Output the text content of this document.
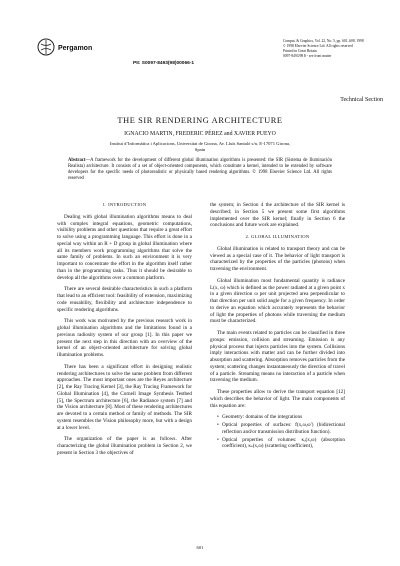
Pergamon
Comput. & Graphics, Vol. 22, No. 5, pp. 601–608, 1998
© 1998 Elsevier Science Ltd. All rights reserved
Printed in Great Britain
0097-8493/98 $ - see front matter
PII: S0097-8493(98)00066-1
Technical Section
THE SIR RENDERING ARCHITECTURE
IGNACIO MARTIN, FREDERIC PÉREZ and XAVIER PUEYO
Institut d’Informàtica i Aplicacions, Universitat de Girona, Av. Lluís Santaló s/n, E-17071 Girona,
Spain
Abstract—A framework for the development of different global illumination algorithms is presented: the SIR (Sistema de Iluminación Realista) architecture. It consists of a set of object-oriented components, which constitute a kernel, intended to be extended by software developers for the specific needs of photorealistic or physically based rendering algorithms. © 1998 Elsevier Science Ltd. All rights reserved
1. INTRODUCTION

Dealing with global illumination algorithms means to deal with complex integral equations, geometric computations, visibility problems and other questions that require a great effort to solve using a programming language. This effort is done in a special way within an R + D group in global illumination where all its members work programming algorithms that solve the same family of problems. In such an environment it is very important to concentrate the effort in the algorithm itself rather than in the programming tasks. Thus it should be desirable to develop all the algorithms over a common platform.

There are several desirable characteristics in such a platform that lead to an efficient tool: feasibility of extension, maximizing code reusability, flexibility and architecture independence to specific rendering algorithms.

This work was motivated by the previous research work in global illumination algorithms and the limitations found in a previous radiosity system of our group [1]. In this paper we present the next step in this direction with an overview of the kernel of an object-oriented architecture for solving global illumination problems.

There has been a significant effort in designing realistic rendering architectures to solve the same problem from different approaches. The most important ones are the Reyes architecture [2], the Ray Tracing Kernel [3], the Ray Tracing Framework for Global Illumination [4], the Cornell Image Synthesis Testbed [5], the Spectrum architecture [6], the Radiance system [7] and the Vision architecture [8]. Most of these rendering architectures are devoted to a certain method or family of methods. The SIR system resembles the Vision philosophy more, but with a design at a lower level.

The organization of the paper is as follows. After characterizing the global illumination problem in Section 2, we present in Section 3 the objectives of

the system; in Section 4 the architecture of the SIR kernel is described; in Section 5 we present some first algorithms implemented over the SIR kernel; finally in Section 6 the conclusions and future work are explained.

2. GLOBAL ILLUMINATION

Global illumination is related to transport theory and can be viewed as a special case of it. The behavior of light transport is characterized by the properties of the particles (photons) when traversing the environment.

Global illumination most fundamental quantity is radiance L(x, ω) which is defined as the power radiated at a given point x in a given direction ω per unit projected area perpendicular to that direction per unit solid angle for a given frequency. In order to derive an equation which accurately represents the behavior of light the properties of photons while traversing the medium must be characterized.

The main events related to particles can be classified in three groups: emission, collision and streaming. Emission is any physical process that injects particles into the system. Collisions imply interactions with matter and can be further divided into absorption and scattering. Absorption removes particles from the system; scattering changes instantaneously the direction of travel of a particle. Streaming means no interaction of a particle when traversing the medium.

These properties allow to derive the transport equation [12] which describes the behavior of light. The main components of this equation are:

• Geometry: domains of the integrations
• Optical properties of surfaces: f(x,ω,ω′) (bidirectional reflection and/or transmission distribution function).
• Optical properties of volumes: κₐ(x,ω) (absorption coefficient), κₛ(x,ω) (scattering coefficient),
601
